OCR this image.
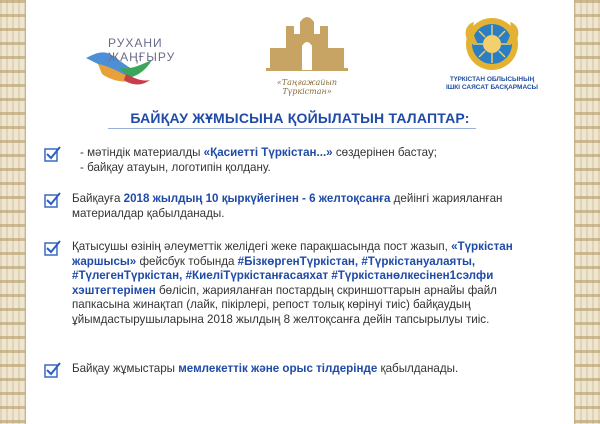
РУХАНИ
ЖАҢҒЫРУ
«Таңғажайып Түркістан»
ТҮРКІСТАН ОБЛЫСЫНЫҢ
ІШКІ САЯСАТ БАСҚАРМАСЫ
БАЙҚАУ ЖҰМЫСЫНА ҚОЙЫЛАТЫН ТАЛАПТАР:
- мәтіндік материалды «Қасиетті Түркістан...» сөздерінен бастау;
- байқау атауын, логотипін қолдану.
Байқауға 2018 жылдың 10 қыркүйегінен - 6 желтоқсанға дейінгі жарияланған материалдар қабылданады.
Қатысушы өзінің әлеуметтік желідегі жеке парақшасында пост жазып, «Түркістан жаршысы» фейсбук тобында #БізкөргенТүркістан, #Түркістануалаяты, #ТүлегенТүркістан, #КиеліТүркістанғасаяхат #Түркістанөлкесінен1сэлфи хэштегтерімен бөлісіп, жарияланған постардың скриншоттарын арнайы файл папкасына жинақтап (лайк, пікірлері, репост толық көрінуі тиіс) байқаудың ұйымдастырушыларына 2018 жылдың 8 желтоқсанға дейін тапсырылуы тиіс.
Байқау жұмыстары мемлекеттік және орыс тілдерінде қабылданады.
